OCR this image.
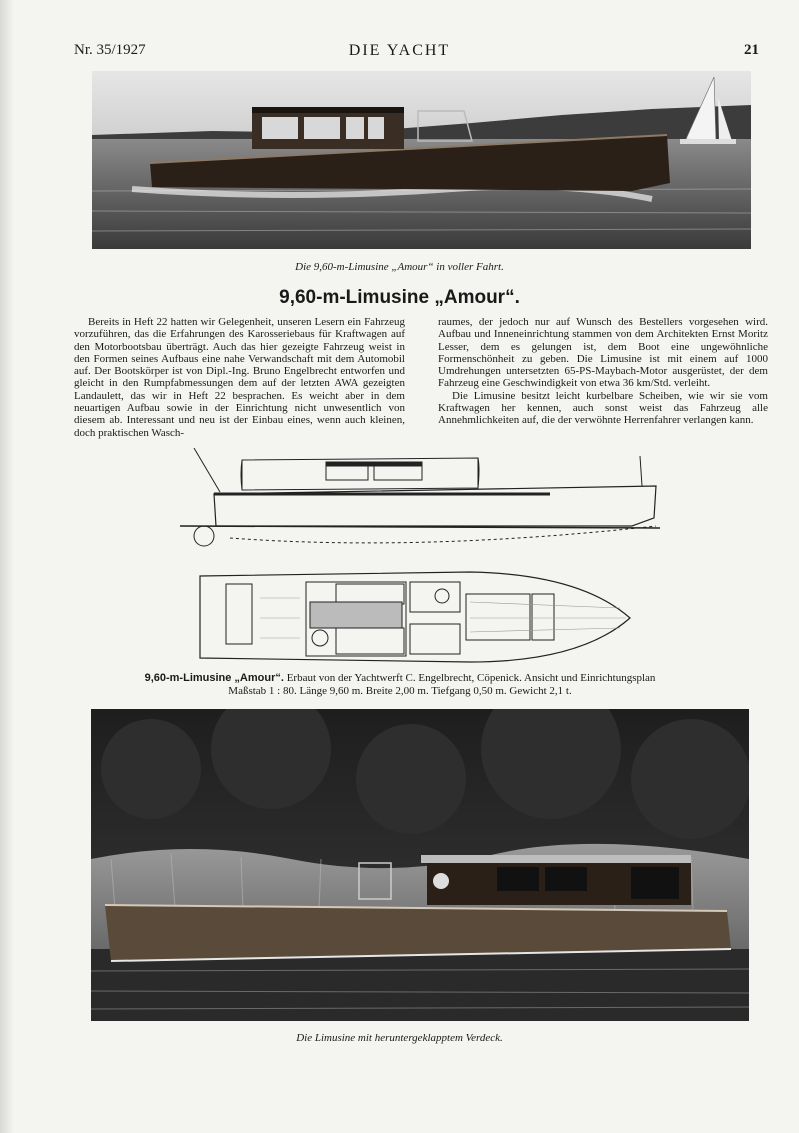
Nr. 35/1927	DIE YACHT	21
Die 9,60-m-Limusine „Amour“ in voller Fahrt.
9,60-m-Limusine „Amour“.

Bereits in Heft 22 hatten wir Gelegenheit, unseren Lesern ein Fahrzeug vorzuführen, das die Erfahrungen des Karosseriebaus für Kraftwagen auf den Motorbootsbau überträgt. Auch das hier gezeigte Fahrzeug weist in den Formen seines Aufbaus eine nahe Verwandschaft mit dem Automobil auf. Der Bootskörper ist von Dipl.-Ing. Bruno Engelbrecht entworfen und gleicht in den Rumpfabmessungen dem auf der letzten AWA gezeigten Landaulett, das wir in Heft 22 besprachen. Es weicht aber in dem neuartigen Aufbau sowie in der Einrichtung nicht unwesentlich von diesem ab. Interessant und neu ist der Einbau eines, wenn auch kleinen, doch praktischen Wasch-

raumes, der jedoch nur auf Wunsch des Bestellers vorgesehen wird. Aufbau und Inneneinrichtung stammen von dem Architekten Ernst Moritz Lesser, dem es gelungen ist, dem Boot eine ungewöhnliche Formenschönheit zu geben. Die Limusine ist mit einem auf 1000 Umdrehungen untersetzten 65-PS-Maybach-Motor ausgerüstet, der dem Fahrzeug eine Geschwindigkeit von etwa 36 km/Std. verleiht.

Die Limusine besitzt leicht kurbelbare Scheiben, wie wir sie vom Kraftwagen her kennen, auch sonst weist das Fahrzeug alle Annehmlichkeiten auf, die der verwöhnte Herrenfahrer verlangen kann.

9,60-m-Limusine „Amour“. Erbaut von der Yachtwerft C. Engelbrecht, Cöpenick. Ansicht und Einrichtungsplan
Maßstab 1 : 80. Länge 9,60 m. Breite 2,00 m. Tiefgang 0,50 m. Gewicht 2,1 t.
Die Limusine mit heruntergeklapptem Verdeck.
